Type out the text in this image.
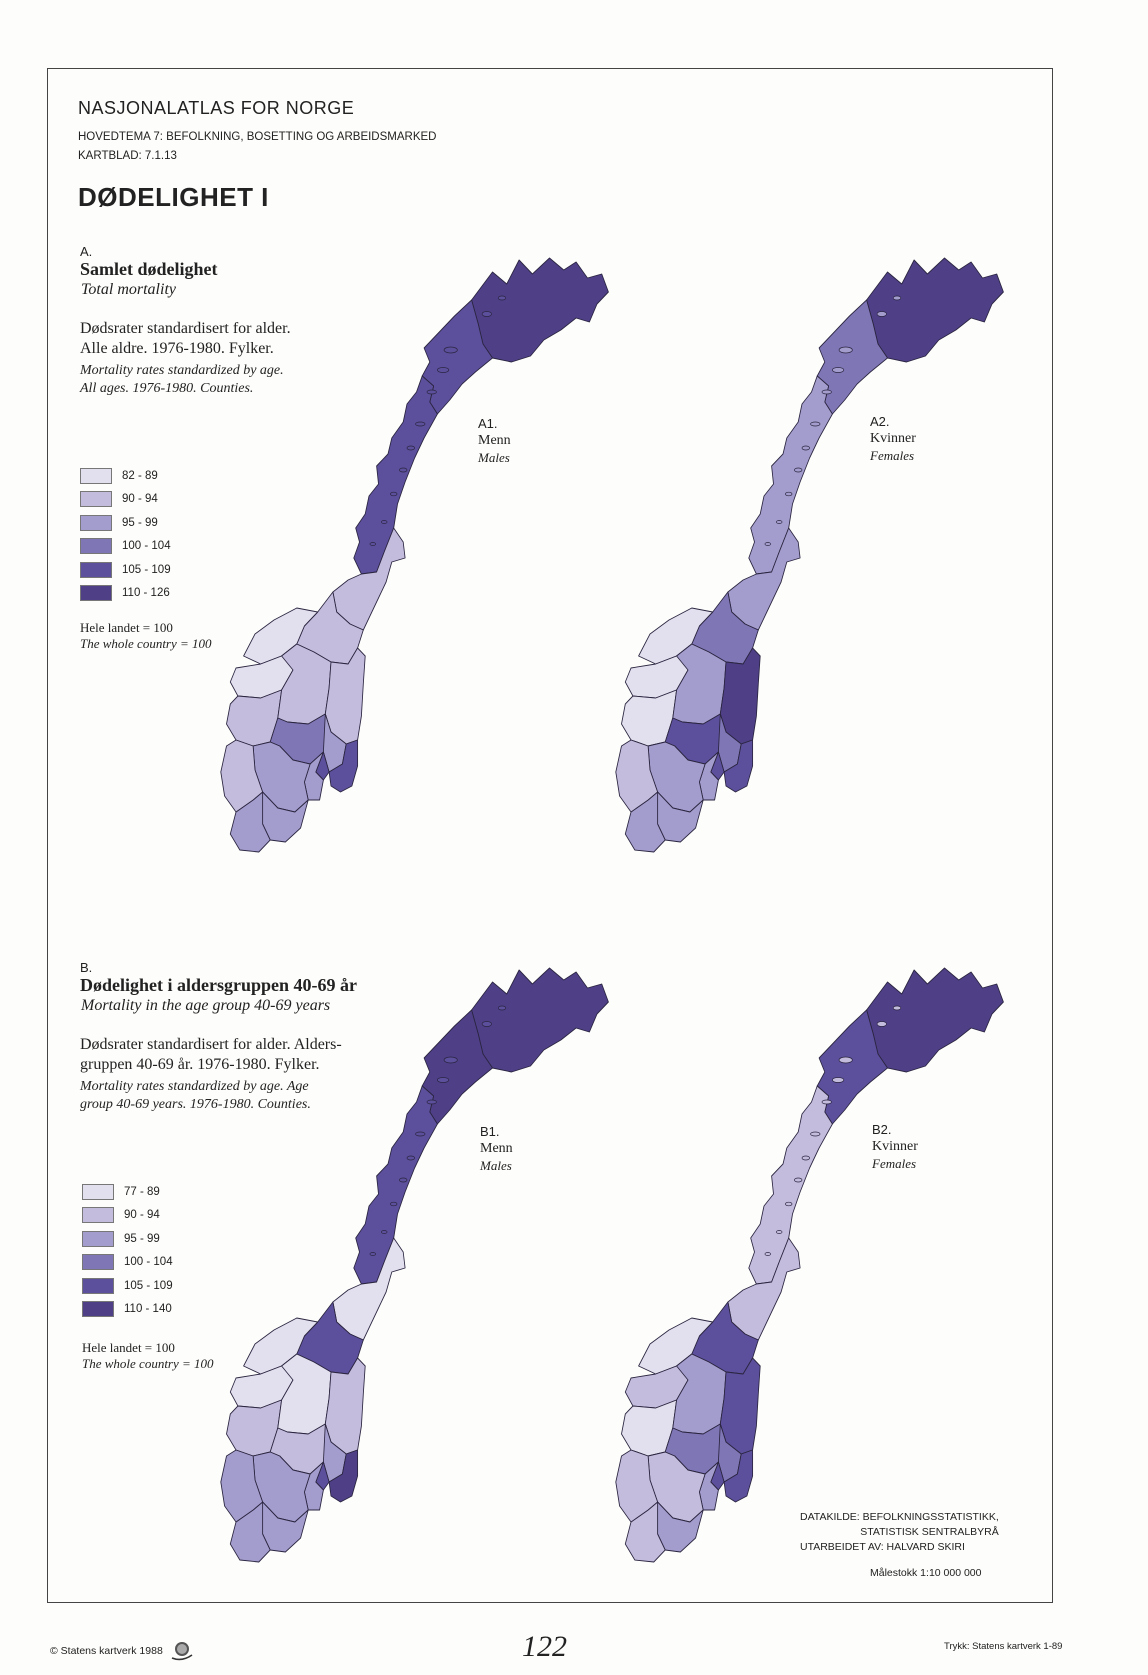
NASJONALATLAS FOR NORGE
HOVEDTEMA 7: BEFOLKNING, BOSETTING OG ARBEIDSMARKED
KARTBLAD: 7.1.13
DØDELIGHET I
A.
Samlet dødelighet
Total mortality
Dødsrater standardisert for alder.
Alle aldre. 1976-1980. Fylker.
Mortality rates standardized by age.
All ages. 1976-1980. Counties.
82 - 89
90 - 94
95 - 99
100 - 104
105 - 109
110 - 126
Hele landet = 100
The whole country = 100
B.
Dødelighet i aldersgruppen 40-69 år
Mortality in the age group 40-69 years
Dødsrater standardisert for alder. Alders-
gruppen 40-69 år. 1976-1980. Fylker.
Mortality rates standardized by age. Age
group 40-69 years. 1976-1980. Counties.
77 - 89
90 - 94
95 - 99
100 - 104
105 - 109
110 - 140
Hele landet = 100
The whole country = 100
A1.
Menn
Males
A2.
Kvinner
Females
B1.
Menn
Males
B2.
Kvinner
Females
DATAKILDE: BEFOLKNINGSSTATISTIKK,
STATISTISK SENTRALBYRÅ
UTARBEIDET AV: HALVARD SKIRI
Målestokk 1:10 000 000
© Statens kartverk 1988	122	Trykk: Statens kartverk 1-89
